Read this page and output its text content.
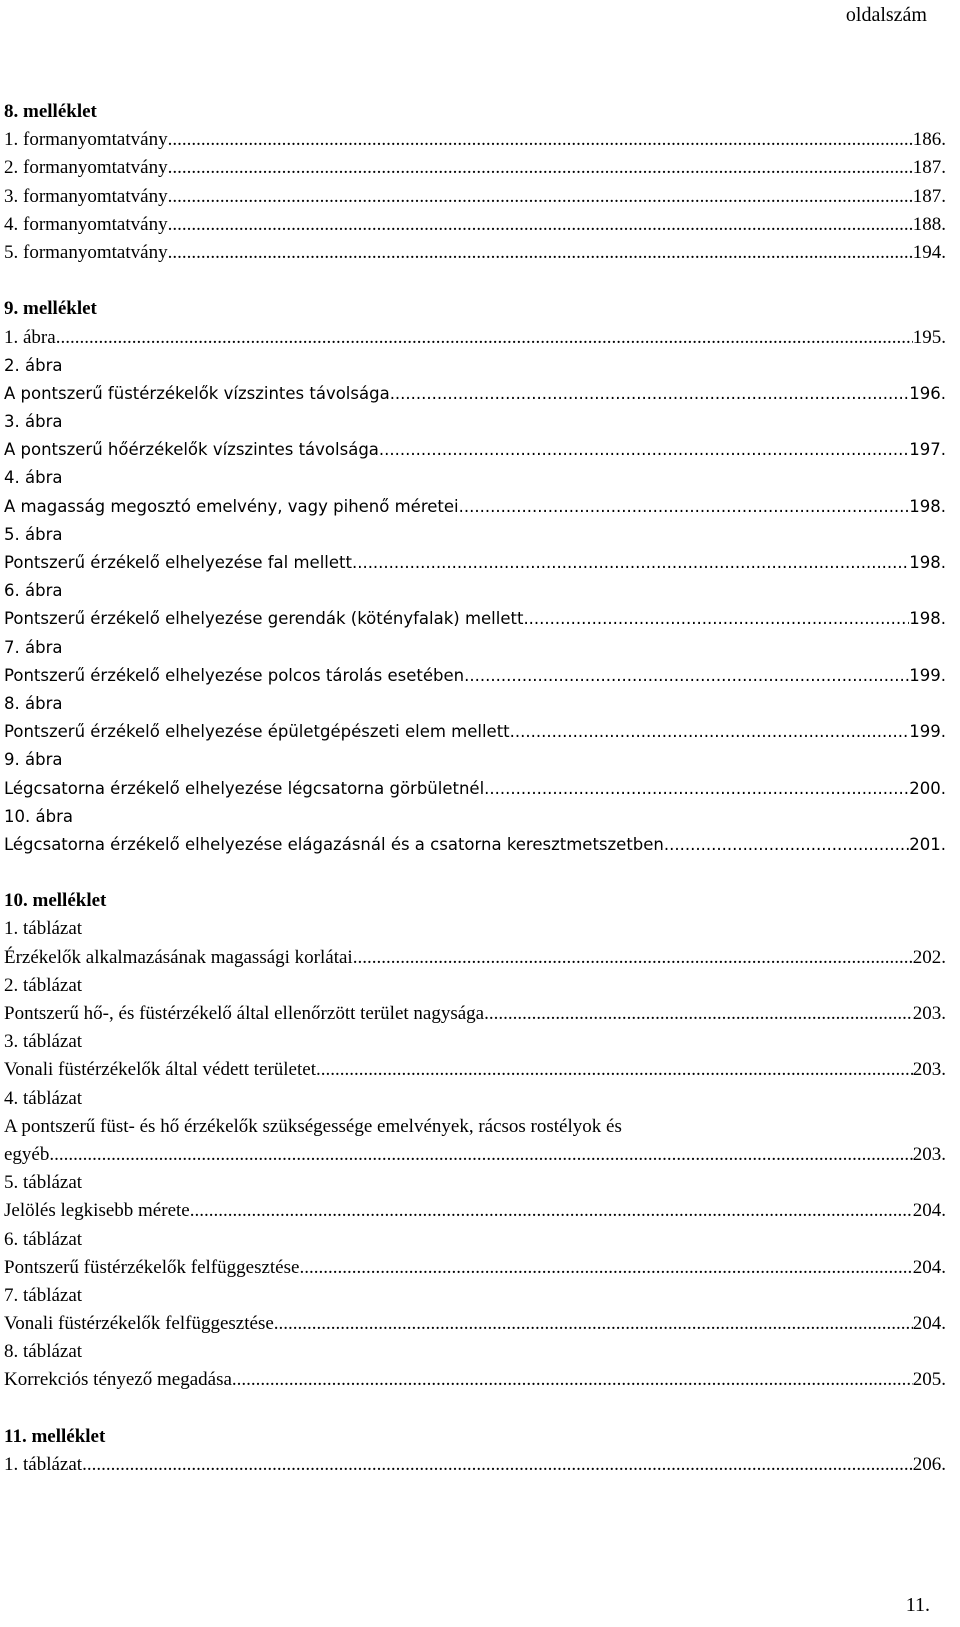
oldalszám
8. melléklet
1. formanyomtatvány .....	186.
2. formanyomtatvány .....	187.
3. formanyomtatvány .....	187.
4. formanyomtatvány .....	188.
5. formanyomtatvány .....	194.
9. melléklet
1. ábra .....	195.
2. ábra
A pontszerű füstérzékelők vízszintes távolsága .....	196.
3. ábra
A pontszerű hőérzékelők vízszintes távolsága. .....	197.
4. ábra
A magasság megosztó emelvény, vagy pihenő méretei .....	198.
5. ábra
Pontszerű érzékelő elhelyezése fal mellett .....	198.
6. ábra
Pontszerű érzékelő elhelyezése gerendák (kötényfalak) mellett .....	198.
7. ábra
Pontszerű érzékelő elhelyezése polcos tárolás esetében .....	199.
8. ábra
Pontszerű érzékelő elhelyezése épületgépészeti elem mellett .....	199.
9. ábra
Légcsatorna érzékelő elhelyezése légcsatorna görbületnél .....	200.
10. ábra
Légcsatorna érzékelő elhelyezése elágazásnál és a csatorna keresztmetszetben .....	201.
10. melléklet
1. táblázat
Érzékelők alkalmazásának magassági korlátai .....	202.
2. táblázat
Pontszerű hő-, és füstérzékelő által ellenőrzött terület nagysága .....	203.
3. táblázat
Vonali füstérzékelők által védett területet .....	203.
4. táblázat
A pontszerű füst- és hő érzékelők szükségessége emelvények, rácsos rostélyok és
egyéb .....	203.
5. táblázat
Jelölés legkisebb mérete .....	204.
6. táblázat
Pontszerű füstérzékelők felfüggesztése .....	204.
7. táblázat
Vonali füstérzékelők felfüggesztése .....	204.
8. táblázat
Korrekciós tényező megadása .....	205.
11. melléklet
1. táblázat .....	206.
11.
